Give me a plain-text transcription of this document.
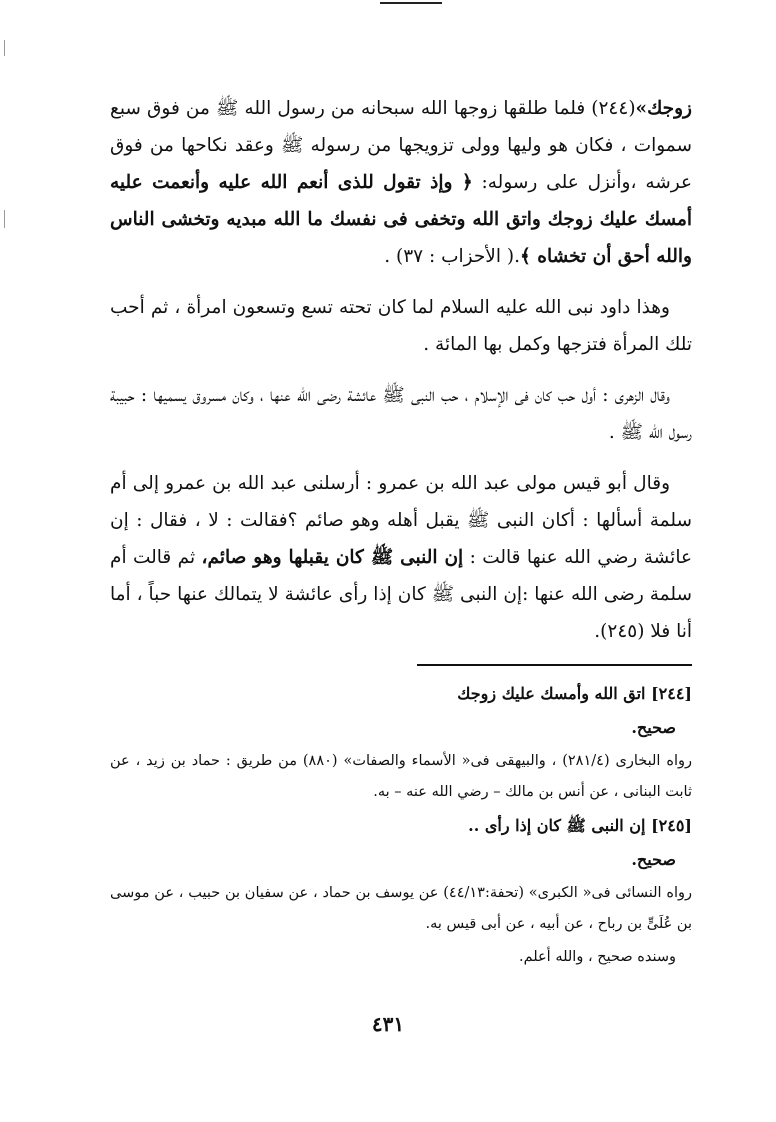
زوجك»(٢٤٤) فلما طلقها زوجها الله سبحانه من رسول الله ﷺ من فوق سبع سموات ، فكان هو وليها وولى تزويجها من رسوله ﷺ وعقد نكاحها من فوق عرشه ،وأنزل على رسوله: ﴿ وإذ تقول للذى أنعم الله عليه وأنعمت عليه أمسك عليك زوجك واتق الله وتخفى فى نفسك ما الله مبديه وتخشى الناس والله أحق أن تخشاه ﴾.( الأحزاب : ٣٧) .

وهذا داود نبى الله عليه السلام لما كان تحته تسع وتسعون امرأة ، ثم أحب تلك المرأة فتزجها وكمل بها المائة .

وقال الزهرى : أول حب كان فى الإسلام ، حب النبى ﷺ عائشة رضى الله عنها ، وكان مسروق يسميها : حبيبة رسول الله ﷺ .

وقال أبو قيس مولى عبد الله بن عمرو : أرسلنى عبد الله بن عمرو إلى أم سلمة أسألها : أكان النبى ﷺ يقبل أهله وهو صائم ؟فقالت : لا ، فقال : إن عائشة رضي الله عنها قالت : إن النبى ﷺ كان يقبلها وهو صائم، ثم قالت أم سلمة رضى الله عنها :إن النبى ﷺ كان إذا رأى عائشة لا يتمالك عنها حباً ، أما أنا فلا (٢٤٥).

[٢٤٤] اتق الله وأمسك عليك زوجك
صحيح.

رواه البخارى (٢٨١/٤) ، والبيهقى فى« الأسماء والصفات» (٨٨٠) من طريق : حماد بن زيد ، عن ثابت البنانى ، عن أنس بن مالك – رضي الله عنه – به.

[٢٤٥] إن النبى ﷺ كان إذا رأى ..
صحيح.

رواه النسائى فى« الكبرى» (تحفة:٤٤/١٣) عن يوسف بن حماد ، عن سفيان بن حبيب ، عن موسى بن عُلَىٍّ بن رباح ، عن أبيه ، عن أبى قيس به.

وسنده صحيح ، والله أعلم.

٤٣١
